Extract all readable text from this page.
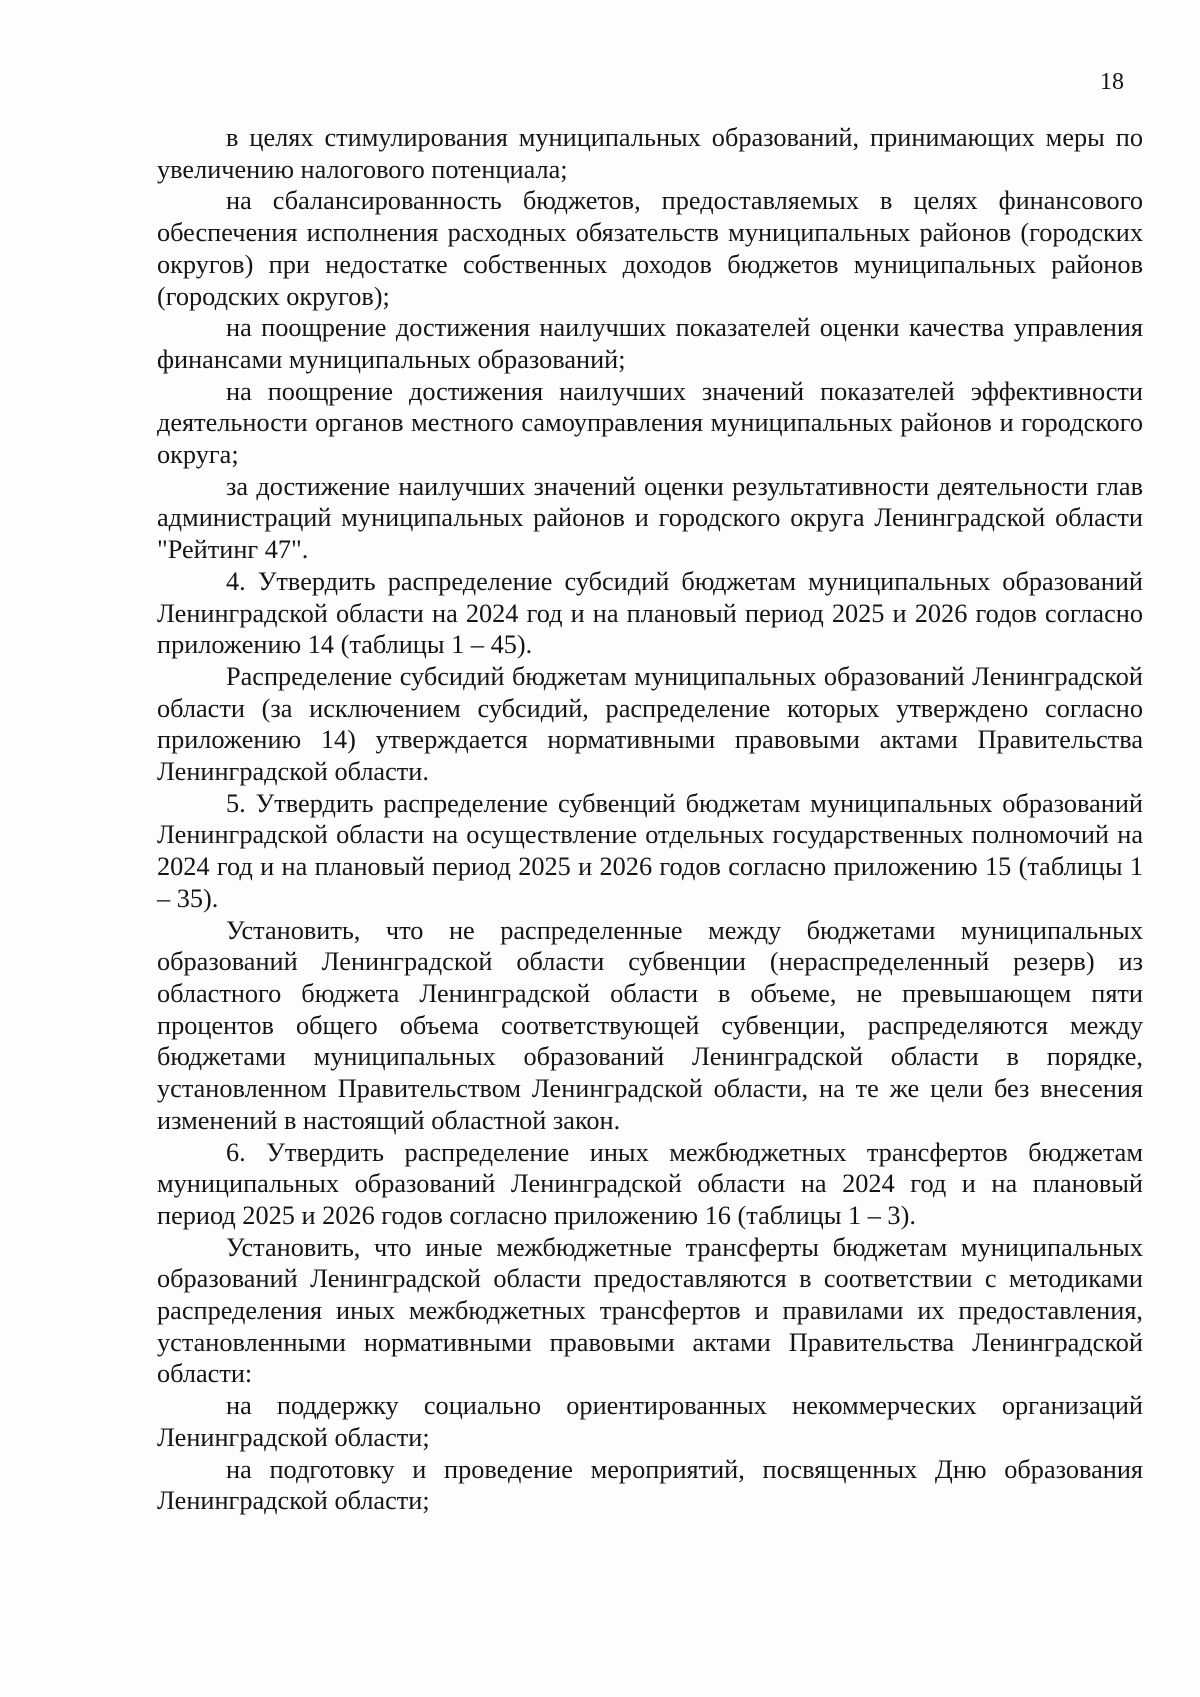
18

в целях стимулирования муниципальных образований, принимающих меры по увеличению налогового потенциала;

на сбалансированность бюджетов, предоставляемых в целях финансового обеспечения исполнения расходных обязательств муниципальных районов (городских округов) при недостатке собственных доходов бюджетов муниципальных районов (городских округов);

на поощрение достижения наилучших показателей оценки качества управления финансами муниципальных образований;

на поощрение достижения наилучших значений показателей эффективности деятельности органов местного самоуправления муниципальных районов и городского округа;

за достижение наилучших значений оценки результативности деятельности глав администраций муниципальных районов и городского округа Ленинградской области "Рейтинг 47".

4. Утвердить распределение субсидий бюджетам муниципальных образований Ленинградской области на 2024 год и на плановый период 2025 и 2026 годов согласно приложению 14 (таблицы 1 – 45).

Распределение субсидий бюджетам муниципальных образований Ленинградской области (за исключением субсидий, распределение которых утверждено согласно приложению 14) утверждается нормативными правовыми актами Правительства Ленинградской области.

5. Утвердить распределение субвенций бюджетам муниципальных образований Ленинградской области на осуществление отдельных государственных полномочий на 2024 год и на плановый период 2025 и 2026 годов согласно приложению 15 (таблицы 1 – 35).

Установить, что не распределенные между бюджетами муниципальных образований Ленинградской области субвенции (нераспределенный резерв) из областного бюджета Ленинградской области в объеме, не превышающем пяти процентов общего объема соответствующей субвенции, распределяются между бюджетами муниципальных образований Ленинградской области в порядке, установленном Правительством Ленинградской области, на те же цели без внесения изменений в настоящий областной закон.

6. Утвердить распределение иных межбюджетных трансфертов бюджетам муниципальных образований Ленинградской области на 2024 год и на плановый период 2025 и 2026 годов согласно приложению 16 (таблицы 1 – 3).

Установить, что иные межбюджетные трансферты бюджетам муниципальных образований Ленинградской области предоставляются в соответствии с методиками распределения иных межбюджетных трансфертов и правилами их предоставления, установленными нормативными правовыми актами Правительства Ленинградской области:

на поддержку социально ориентированных некоммерческих организаций Ленинградской области;

на подготовку и проведение мероприятий, посвященных Дню образования Ленинградской области;
